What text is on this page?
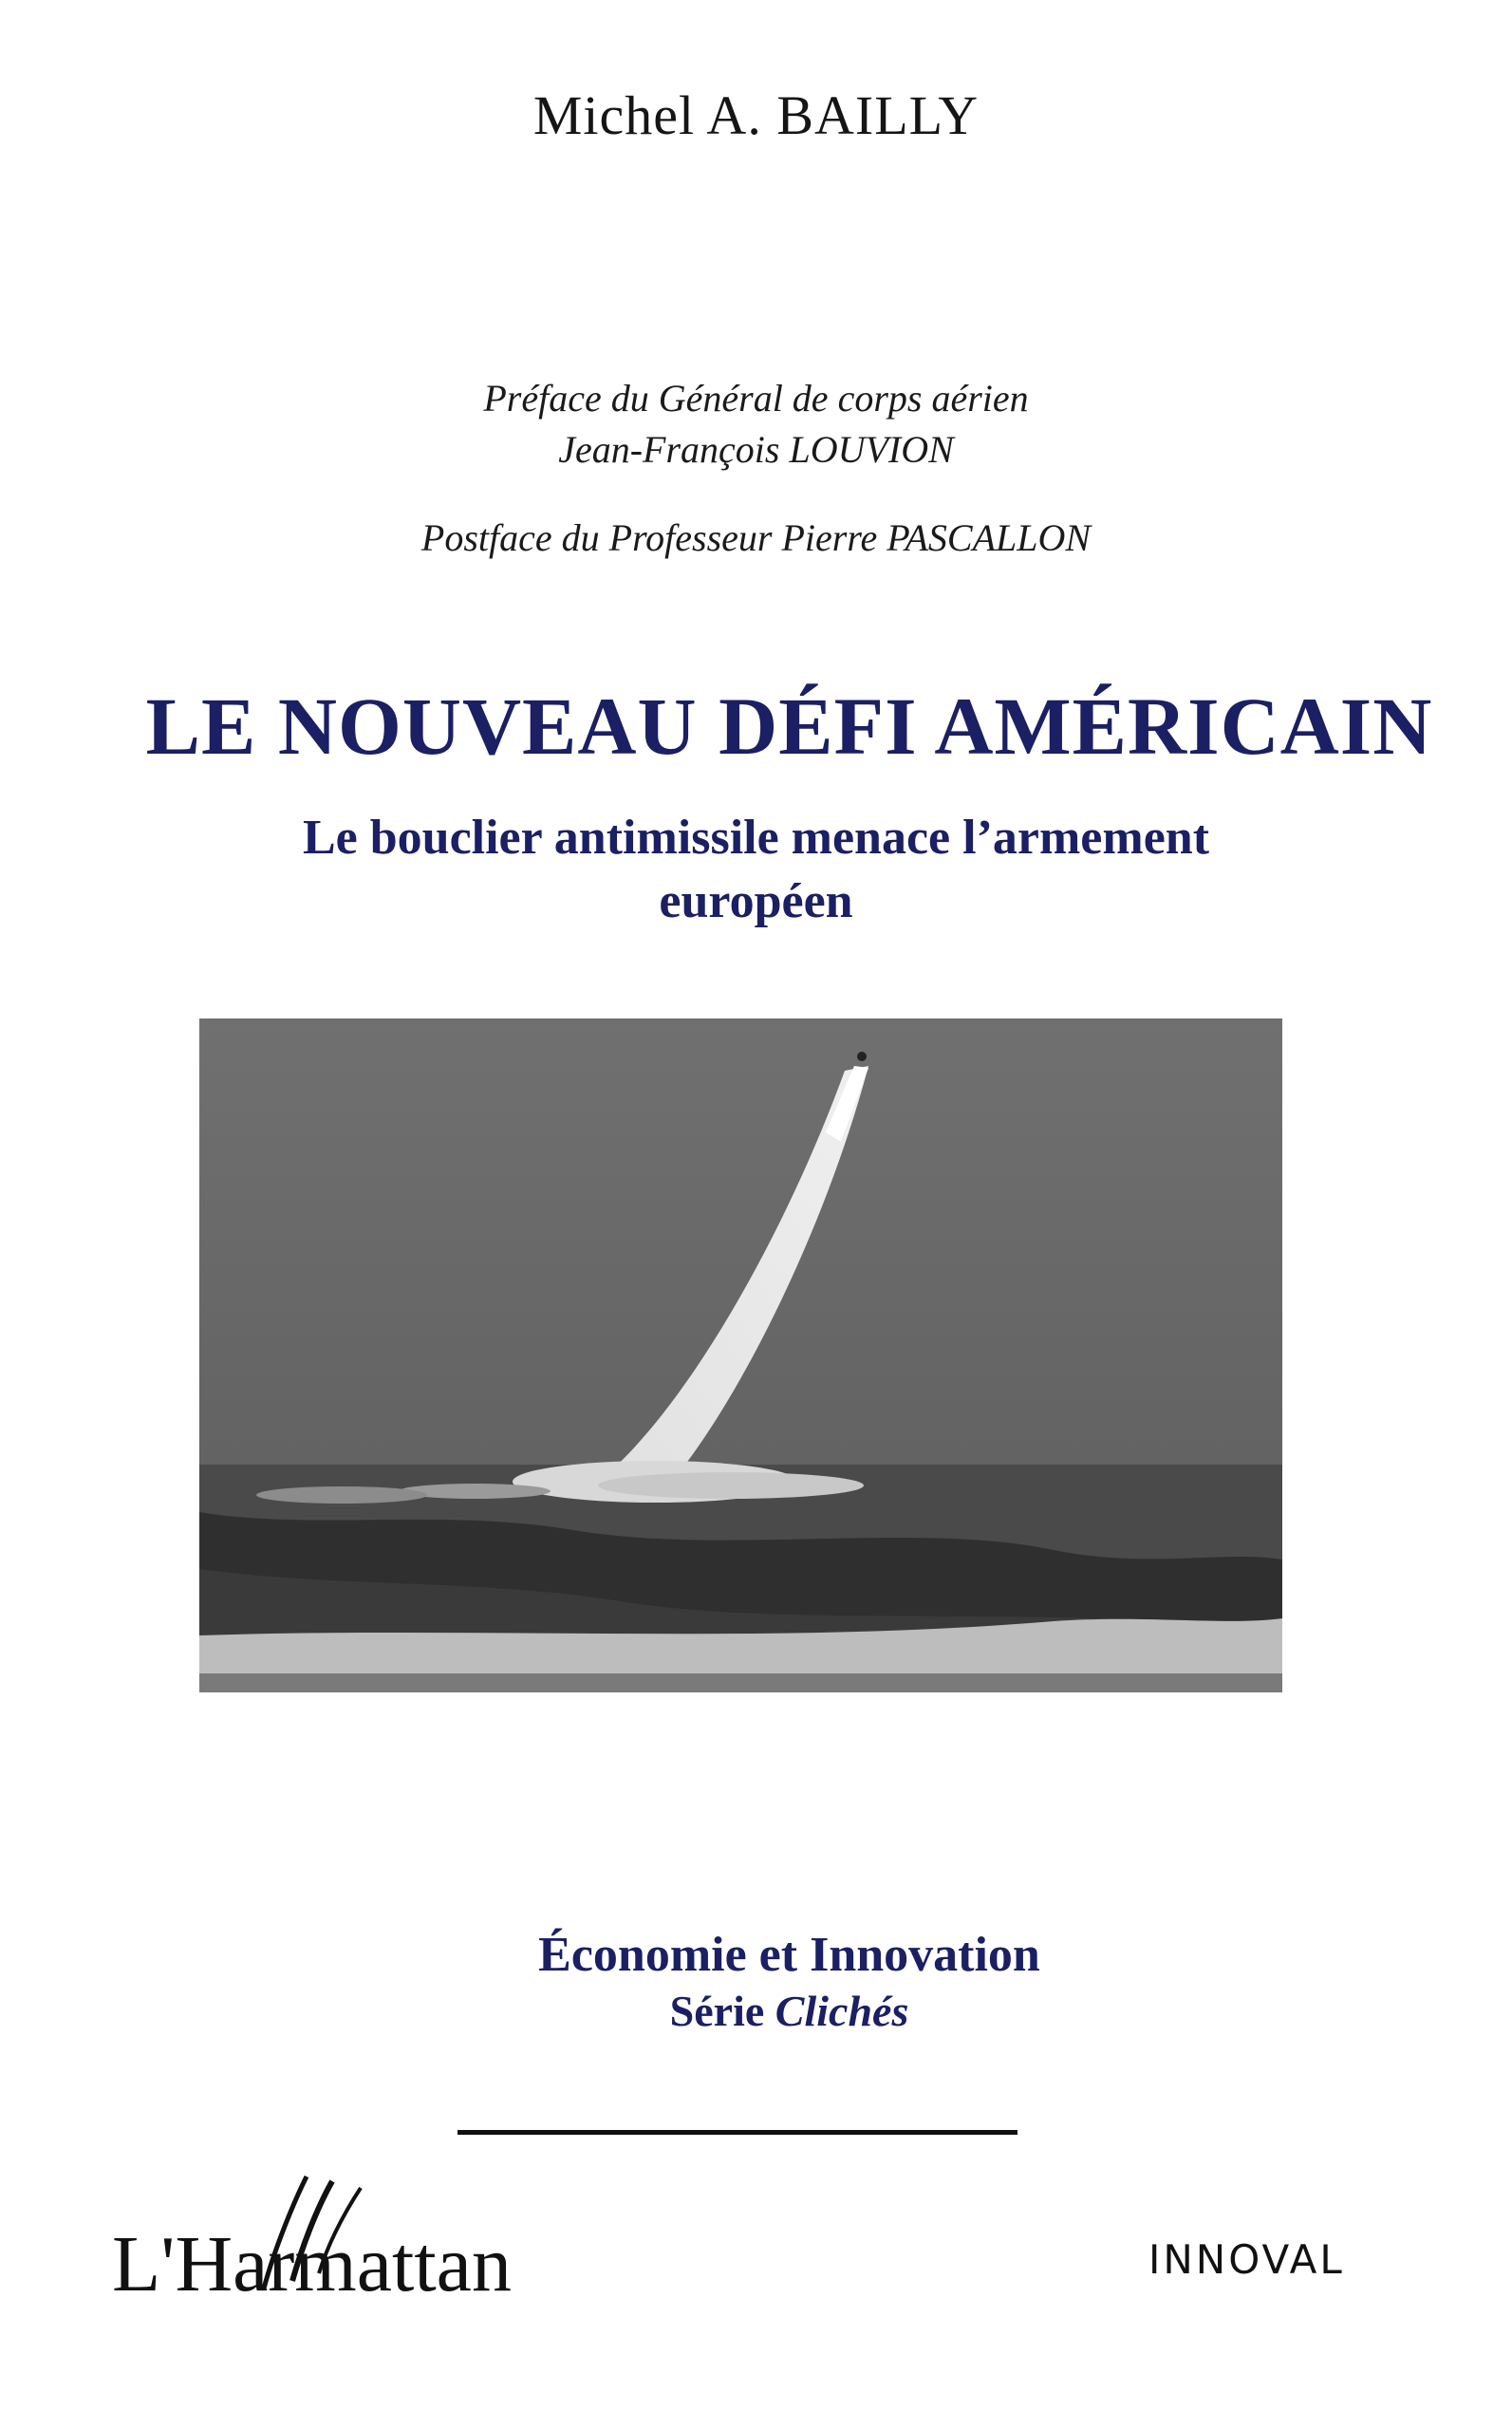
Michel A. BAILLY
Préface du Général de corps aérien
Jean-François LOUVION
Postface du Professeur Pierre PASCALLON
LE NOUVEAU DÉFI AMÉRICAIN
Le bouclier antimissile menace l’armement
européen
Économie et Innovation
Série Clichés
L'Harmattan	INNOVAL
